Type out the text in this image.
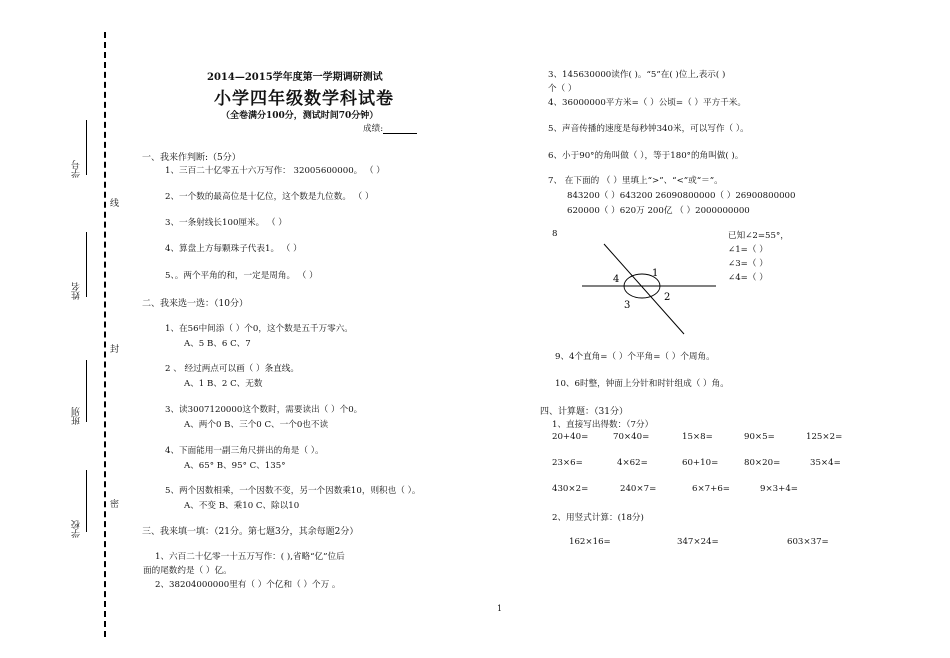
学号
姓名
班别
学校
线
封
密
2014—2015学年度第一学期调研测试
小学四年级数学科试卷
（全卷满分100分，测试时间70分钟）
成绩:
一、我来作判断:（5分）
1、三百二十亿零五十六万写作： 32005600000。 （ ）
2、一个数的最高位是十亿位，这个数是九位数。 （ ）
3、一条射线长100厘米。 （ ）
4、算盘上方每颗珠子代表1。 （ ）
5、。两个平角的和，一定是周角。 （ ）
二、我来选一选：（10分）
1、在56中间添（ ）个0，这个数是五千万零六。
A、5 B、6 C、7
2 、 经过两点可以画（ ）条直线。
A、1 B、2 C、无数
3、读3007120000这个数时，需要读出（ ）个0。
A、两个0 B、三个0 C、一个0也不读
4、下面能用一副三角尺拼出的角是（ ）。
A、65° B、95° C、135°
5、两个因数相乘，一个因数不变，另一个因数乘10，则积也（ ）。
A、不变 B、乘10 C、除以10
三、我来填一填：（21分。第七题3分，其余每题2分）
1、六百二十亿零一十五万写作：( ),省略“亿”位后
面的尾数约是（ ）亿。
2、38204000000里有（ ）个亿和（ ）个万 。
3、145630000读作( )。“5”在( )位上,表示( )
个（ ）
4、36000000平方米=（ ）公顷=（ ）平方千米。
5、声音传播的速度是每秒钟340米，可以写作（ ）。
6、小于90°的角叫做（ ），等于180°的角叫做( )。
7、 在下面的 （ ）里填上“>”、“<”或“＝”。
843200（ ）643200 26090800000（ ）26900800000
620000（ ）620万 200亿 （ ）2000000000
8	已知∠2=55°，
∠1=（ ）
∠3=（ ）
∠4=（ ）
1
2
3
4
9、4个直角=（ ）个平角=（ ）个周角。
10、6时整，钟面上分针和时针组成（ ）角。
四、计算题：（31分）
1、直接写出得数：（7分）
20+40=	70×40=	15×8=	90×5=	125×2=
23×6=	4×62=	60+10=	80×20=	35×4=
430×2=	240×7=	6×7+6=	9×3+4=
2、用竖式计算：(18分)
162×16=	347×24=	603×37=
1
